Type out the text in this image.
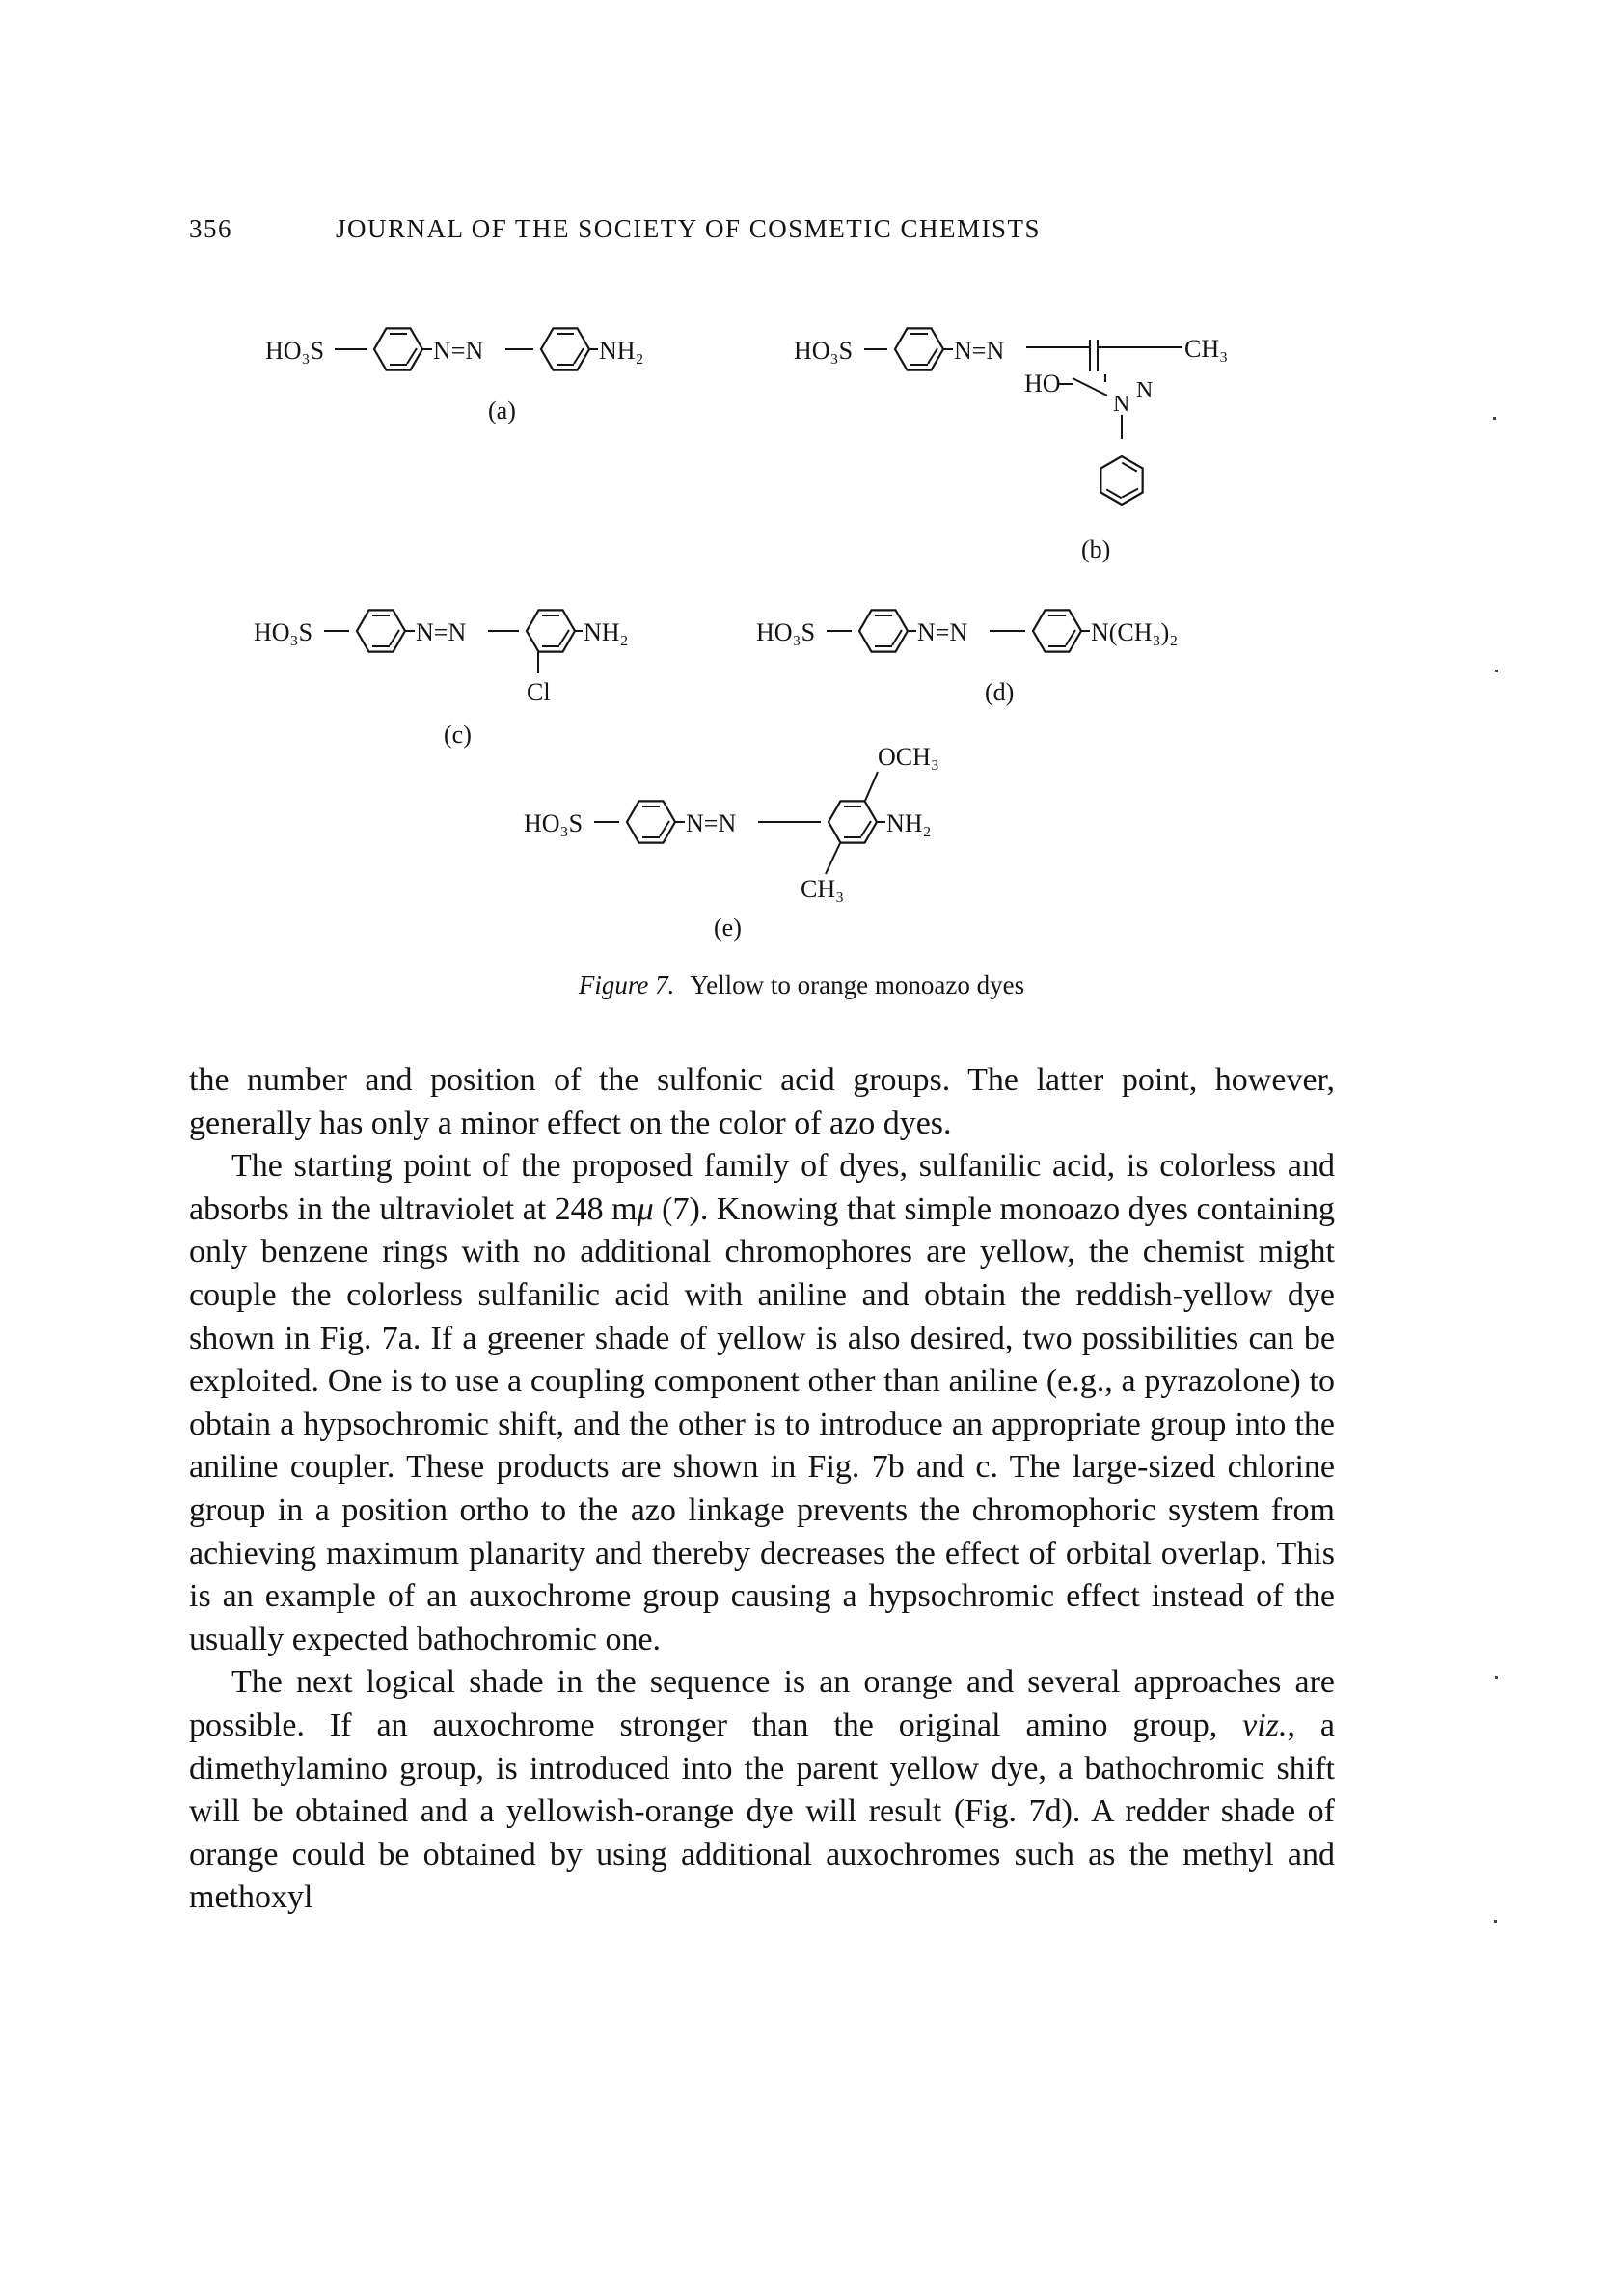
356	JOURNAL OF THE SOCIETY OF COSMETIC CHEMISTS
HO₃S	N=N	NH₂
(a)
HO₃S	N=N	CH₃
HO
N
N
(b)
HO₃S	N=N	NH₂
Cl
(c)
HO₃S	N=N	N(CH₃)₂
(d)
HO₃S	N=N	NH₂
OCH₃
CH₃
(e)
Figure 7. Yellow to orange monoazo dyes

the number and position of the sulfonic acid groups. The latter point, however, generally has only a minor effect on the color of azo dyes.

The starting point of the proposed family of dyes, sulfanilic acid, is colorless and absorbs in the ultraviolet at 248 mμ (7). Knowing that simple monoazo dyes containing only benzene rings with no additional chromophores are yellow, the chemist might couple the colorless sulfanilic acid with aniline and obtain the reddish-yellow dye shown in Fig. 7a. If a greener shade of yellow is also desired, two possibilities can be exploited. One is to use a coupling component other than aniline (e.g., a pyrazolone) to obtain a hypsochromic shift, and the other is to introduce an appropriate group into the aniline coupler. These products are shown in Fig. 7b and c. The large-sized chlorine group in a position ortho to the azo linkage prevents the chromophoric system from achieving maximum planarity and thereby decreases the effect of orbital overlap. This is an example of an auxochrome group causing a hypsochromic effect instead of the usually expected bathochromic one.

The next logical shade in the sequence is an orange and several approaches are possible. If an auxochrome stronger than the original amino group, viz., a dimethylamino group, is introduced into the parent yellow dye, a bathochromic shift will be obtained and a yellowish-orange dye will result (Fig. 7d). A redder shade of orange could be obtained by using additional auxochromes such as the methyl and methoxyl
